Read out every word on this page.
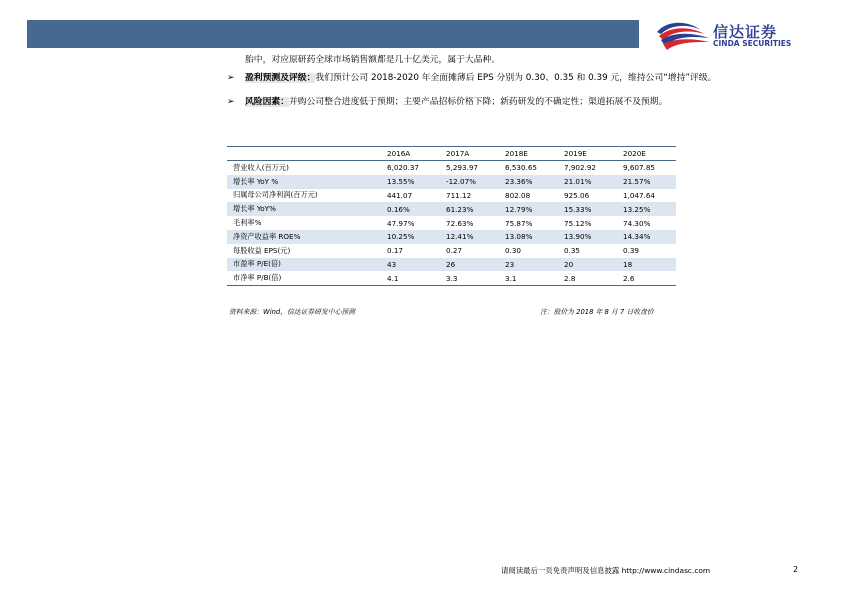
信达证券
CINDA SECURITIES
胎中，对应原研药全球市场销售额都是几十亿美元，属于大品种。
➢ 盈利预测及评级：我们预计公司 2018-2020 年全面摊薄后 EPS 分别为 0.30、0.35 和 0.39 元，维持公司“增持”评级。
➢ 风险因素：并购公司整合进度低于预期；主要产品招标价格下降；新药研发的不确定性；渠道拓展不及预期。
	2016A	2017A	2018E	2019E	2020E
营业收入(百万元)	6,020.37	5,293.97	6,530.65	7,902.92	9,607.85
增长率 YoY %	13.55%	-12.07%	23.36%	21.01%	21.57%
归属母公司净利润(百万元)	441.07	711.12	802.08	925.06	1,047.64
增长率 YoY%	0.16%	61.23%	12.79%	15.33%	13.25%
毛利率%	47.97%	72.63%	75.87%	75.12%	74.30%
净资产收益率 ROE%	10.25%	12.41%	13.08%	13.90%	14.34%
每股收益 EPS(元)	0.17	0.27	0.30	0.35	0.39
市盈率 P/E(倍)	43	26	23	20	18
市净率 P/B(倍)	4.1	3.3	3.1	2.8	2.6
资料来源：Wind，信达证券研发中心预测	注：股价为 2018 年 8 月 7 日收盘价
请阅读最后一页免责声明及信息披露 http://www.cindasc.com	2
